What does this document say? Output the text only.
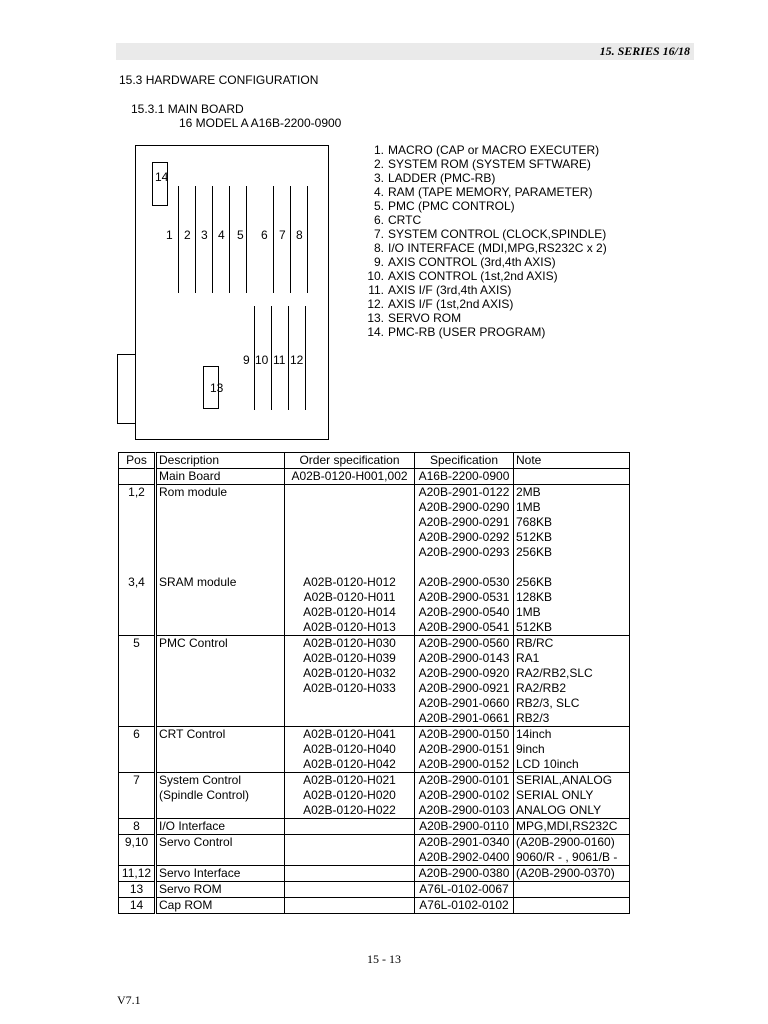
15. SERIES 16/18
15.3 HARDWARE CONFIGURATION
15.3.1 MAIN BOARD
16 MODEL A A16B-2200-0900
14
13
1 2 3 4 5 6 7 8
9 10 11 12
1. MACRO (CAP or MACRO EXECUTER)
2. SYSTEM ROM (SYSTEM SFTWARE)
3. LADDER (PMC-RB)
4. RAM (TAPE MEMORY, PARAMETER)
5. PMC (PMC CONTROL)
6. CRTC
7. SYSTEM CONTROL (CLOCK,SPINDLE)
8. I/O INTERFACE (MDI,MPG,RS232C x 2)
9. AXIS CONTROL (3rd,4th AXIS)
10. AXIS CONTROL (1st,2nd AXIS)
11. AXIS I/F (3rd,4th AXIS)
12. AXIS I/F (1st,2nd AXIS)
13. SERVO ROM
14. PMC-RB (USER PROGRAM)
Pos	Description	Order specification	Specification	Note
	Main Board	A02B-0120-H001,002	A16B-2200-0900	
1,2	Rom module		A20B-2901-0122	2MB
			A20B-2900-0290	1MB
			A20B-2900-0291	768KB
			A20B-2900-0292	512KB
			A20B-2900-0293	256KB

3,4	SRAM module	A02B-0120-H012	A20B-2900-0530	256KB
		A02B-0120-H011	A20B-2900-0531	128KB
		A02B-0120-H014	A20B-2900-0540	1MB
		A02B-0120-H013	A20B-2900-0541	512KB
5	PMC Control	A02B-0120-H030	A20B-2900-0560	RB/RC
		A02B-0120-H039	A20B-2900-0143	RA1
		A02B-0120-H032	A20B-2900-0920	RA2/RB2,SLC
		A02B-0120-H033	A20B-2900-0921	RA2/RB2
			A20B-2901-0660	RB2/3, SLC
			A20B-2901-0661	RB2/3
6	CRT Control	A02B-0120-H041	A20B-2900-0150	14inch
		A02B-0120-H040	A20B-2900-0151	9inch
		A02B-0120-H042	A20B-2900-0152	LCD 10inch
7	System Control	A02B-0120-H021	A20B-2900-0101	SERIAL,ANALOG
	(Spindle Control)	A02B-0120-H020	A20B-2900-0102	SERIAL ONLY
		A02B-0120-H022	A20B-2900-0103	ANALOG ONLY
8	I/O Interface		A20B-2900-0110	MPG,MDI,RS232C
9,10	Servo Control		A20B-2901-0340	(A20B-2900-0160)
			A20B-2902-0400	9060/R - , 9061/B -
11,12	Servo Interface		A20B-2900-0380	(A20B-2900-0370)
13	Servo ROM		A76L-0102-0067	
14	Cap ROM		A76L-0102-0102	
15 - 13
V7.1
